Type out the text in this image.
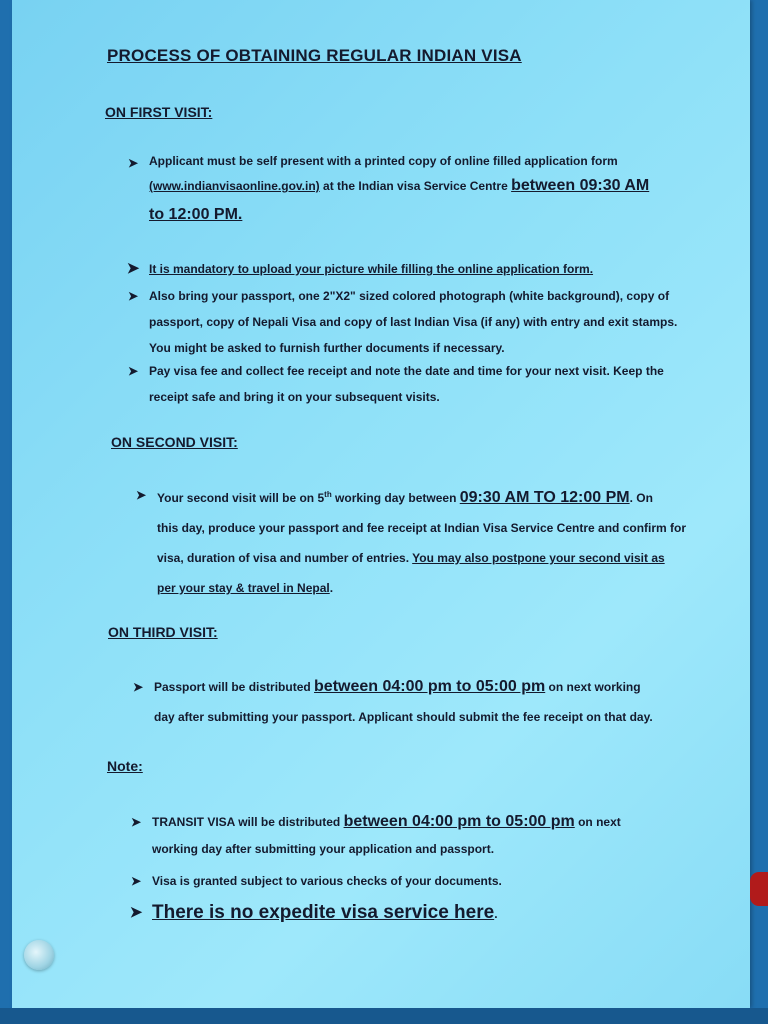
PROCESS OF OBTAINING REGULAR INDIAN VISA
ON FIRST VISIT:
➤ Applicant must be self present with a printed copy of online filled application form
(www.indianvisaonline.gov.in) at the Indian visa Service Centre between 09:30 AM
to 12:00 PM.
➤ It is mandatory to upload your picture while filling the online application form.
➤ Also bring your passport, one 2"X2" sized colored photograph (white background), copy of
passport, copy of Nepali Visa and copy of last Indian Visa (if any) with entry and exit stamps.
You might be asked to furnish further documents if necessary.
➤ Pay visa fee and collect fee receipt and note the date and time for your next visit. Keep the
receipt safe and bring it on your subsequent visits.
ON SECOND VISIT:
➤ Your second visit will be on 5th working day between 09:30 AM TO 12:00 PM. On
this day, produce your passport and fee receipt at Indian Visa Service Centre and confirm for
visa, duration of visa and number of entries. You may also postpone your second visit as
per your stay & travel in Nepal.
ON THIRD VISIT:
➤ Passport will be distributed between 04:00 pm to 05:00 pm on next working
day after submitting your passport. Applicant should submit the fee receipt on that day.
Note:
➤ TRANSIT VISA will be distributed between 04:00 pm to 05:00 pm on next
working day after submitting your application and passport.
➤ Visa is granted subject to various checks of your documents.
➤ There is no expedite visa service here.
